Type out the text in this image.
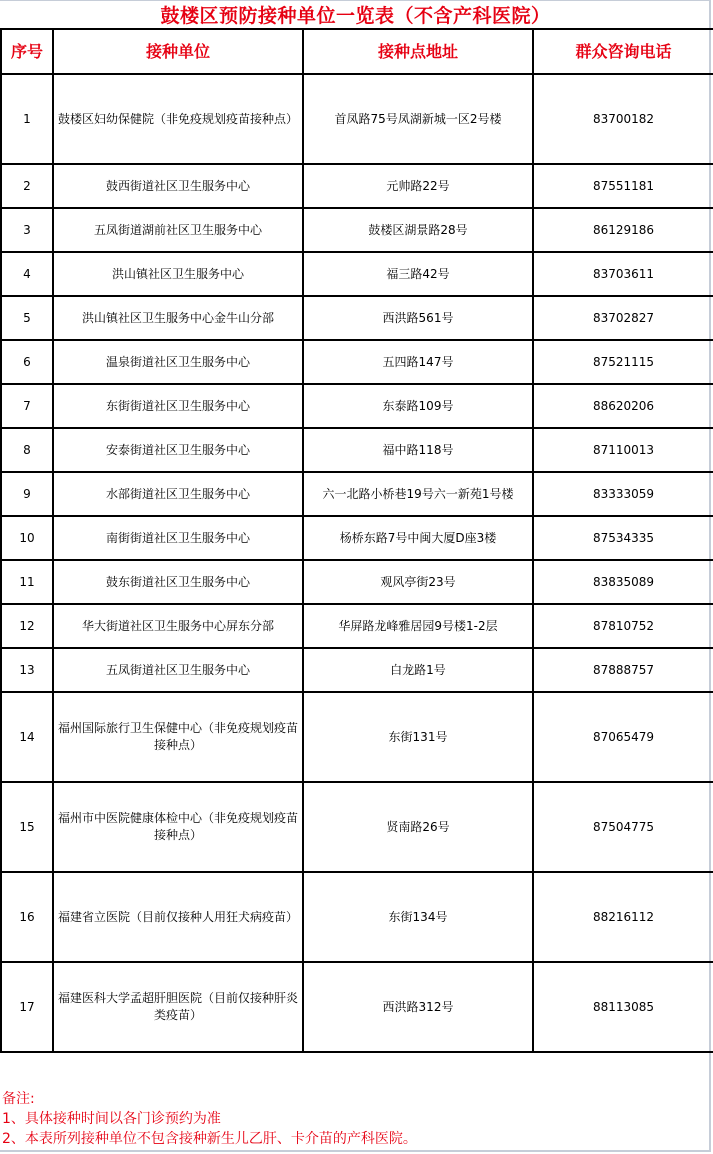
鼓楼区预防接种单位一览表（不含产科医院）
序号	接种单位	接种点地址	群众咨询电话
1	鼓楼区妇幼保健院（非免疫规划疫苗接种点）	首凤路75号凤湖新城一区2号楼	83700182
2	鼓西街道社区卫生服务中心	元帅路22号	87551181
3	五凤街道湖前社区卫生服务中心	鼓楼区湖景路28号	86129186
4	洪山镇社区卫生服务中心	福三路42号	83703611
5	洪山镇社区卫生服务中心金牛山分部	西洪路561号	83702827
6	温泉街道社区卫生服务中心	五四路147号	87521115
7	东街街道社区卫生服务中心	东泰路109号	88620206
8	安泰街道社区卫生服务中心	福中路118号	87110013
9	水部街道社区卫生服务中心	六一北路小桥巷19号六一新苑1号楼	83333059
10	南街街道社区卫生服务中心	杨桥东路7号中闽大厦D座3楼	87534335
11	鼓东街道社区卫生服务中心	观风亭街23号	83835089
12	华大街道社区卫生服务中心屏东分部	华屏路龙峰雅居园9号楼1-2层	87810752
13	五凤街道社区卫生服务中心	白龙路1号	87888757
14	福州国际旅行卫生保健中心（非免疫规划疫苗接种点）	东街131号	87065479
15	福州市中医院健康体检中心（非免疫规划疫苗接种点）	贤南路26号	87504775
16	福建省立医院（目前仅接种人用狂犬病疫苗）	东街134号	88216112
17	福建医科大学孟超肝胆医院（目前仅接种肝炎类疫苗）	西洪路312号	88113085
备注:
1、具体接种时间以各门诊预约为准
2、本表所列接种单位不包含接种新生儿乙肝、卡介苗的产科医院。
